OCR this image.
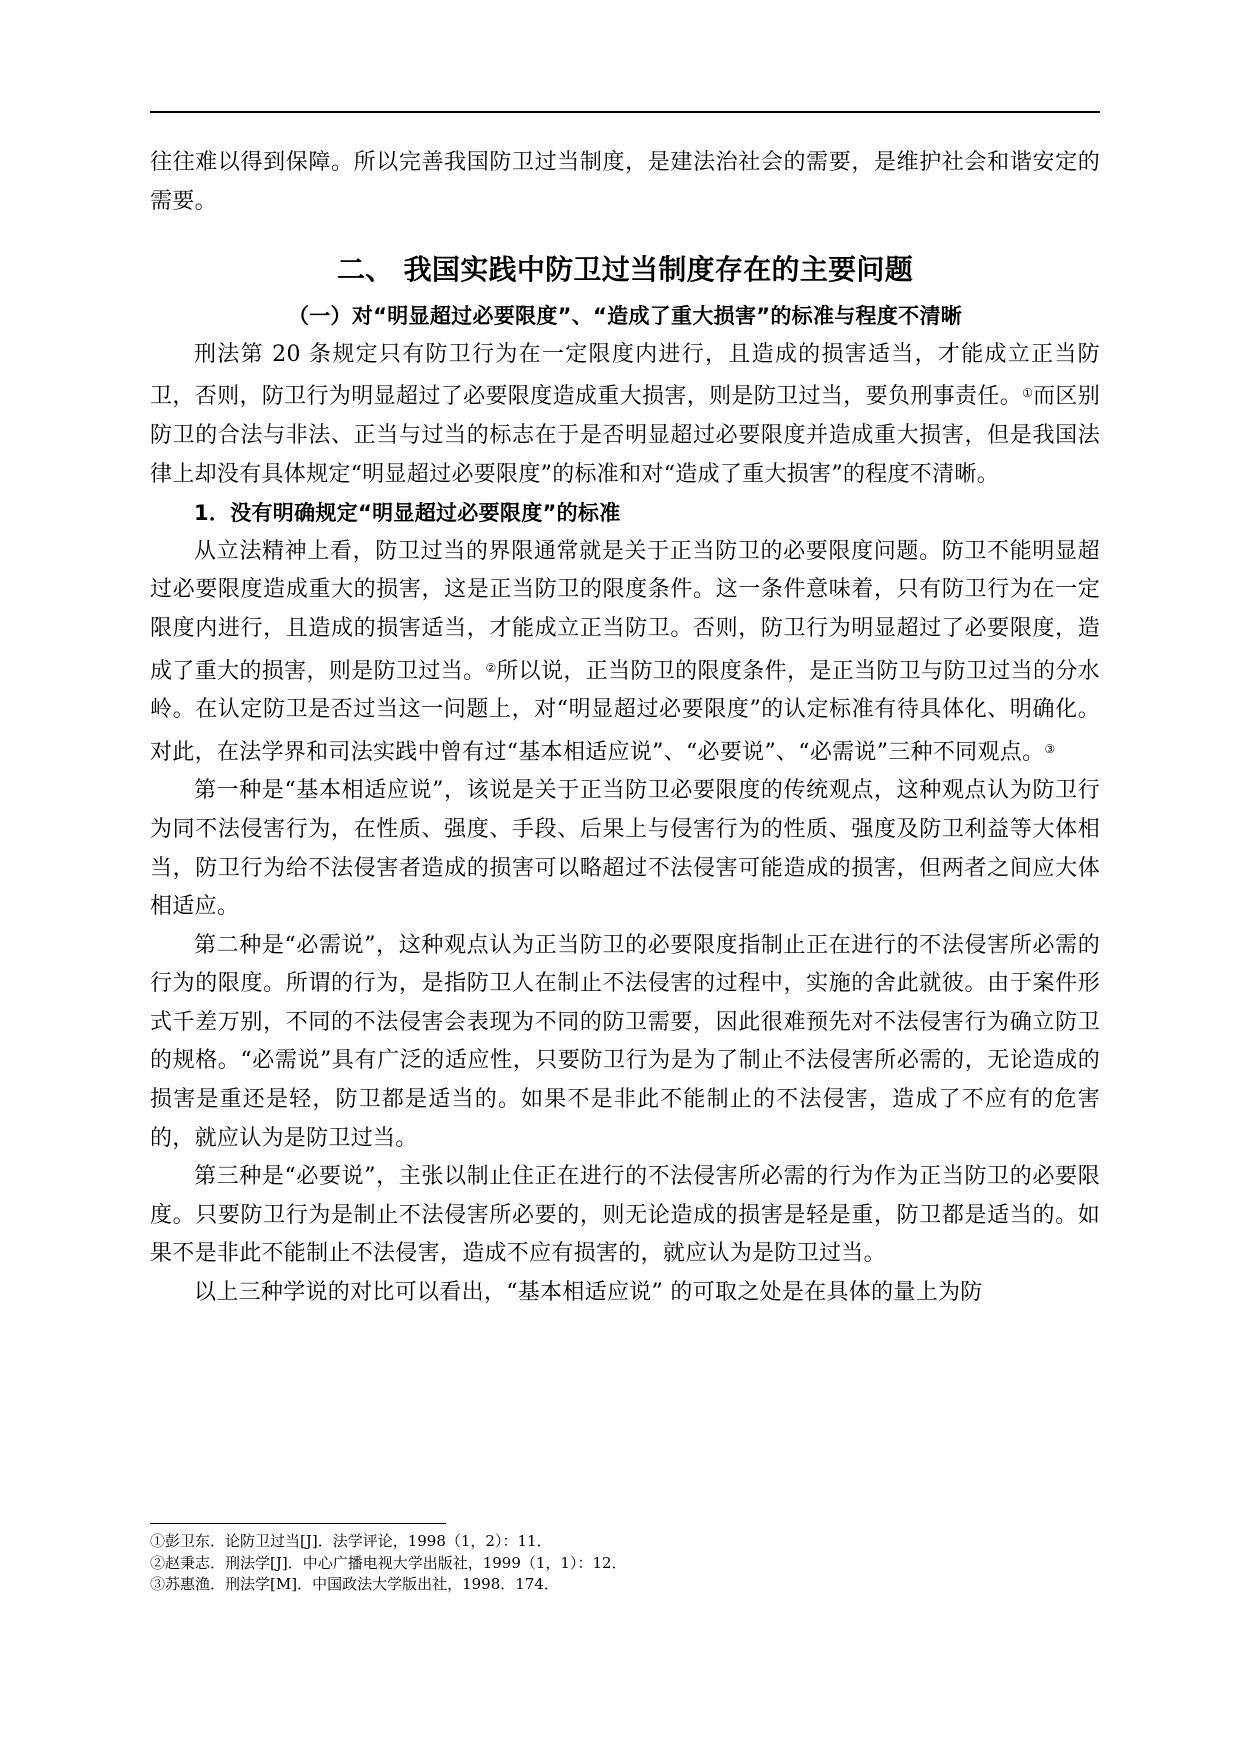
往往难以得到保障。所以完善我国防卫过当制度，是建法治社会的需要，是维护社会和谐安定的需要。

二、 我国实践中防卫过当制度存在的主要问题

（一）对“明显超过必要限度”、“造成了重大损害”的标准与程度不清晰

刑法第 20 条规定只有防卫行为在一定限度内进行，且造成的损害适当，才能成立正当防卫，否则，防卫行为明显超过了必要限度造成重大损害，则是防卫过当，要负刑事责任。①而区别防卫的合法与非法、正当与过当的标志在于是否明显超过必要限度并造成重大损害，但是我国法律上却没有具体规定“明显超过必要限度”的标准和对“造成了重大损害”的程度不清晰。

1．没有明确规定“明显超过必要限度”的标准

从立法精神上看，防卫过当的界限通常就是关于正当防卫的必要限度问题。防卫不能明显超过必要限度造成重大的损害，这是正当防卫的限度条件。这一条件意味着，只有防卫行为在一定限度内进行，且造成的损害适当，才能成立正当防卫。否则，防卫行为明显超过了必要限度，造成了重大的损害，则是防卫过当。②所以说，正当防卫的限度条件，是正当防卫与防卫过当的分水岭。在认定防卫是否过当这一问题上，对“明显超过必要限度”的认定标准有待具体化、明确化。对此，在法学界和司法实践中曾有过“基本相适应说”、“必要说”、“必需说”三种不同观点。③

第一种是“基本相适应说”，该说是关于正当防卫必要限度的传统观点，这种观点认为防卫行为同不法侵害行为，在性质、强度、手段、后果上与侵害行为的性质、强度及防卫利益等大体相当，防卫行为给不法侵害者造成的损害可以略超过不法侵害可能造成的损害，但两者之间应大体相适应。

第二种是“必需说”，这种观点认为正当防卫的必要限度指制止正在进行的不法侵害所必需的行为的限度。所谓的行为，是指防卫人在制止不法侵害的过程中，实施的舍此就彼。由于案件形式千差万别，不同的不法侵害会表现为不同的防卫需要，因此很难预先对不法侵害行为确立防卫的规格。“必需说”具有广泛的适应性，只要防卫行为是为了制止不法侵害所必需的，无论造成的损害是重还是轻，防卫都是适当的。如果不是非此不能制止的不法侵害，造成了不应有的危害的，就应认为是防卫过当。

第三种是“必要说”，主张以制止住正在进行的不法侵害所必需的行为作为正当防卫的必要限度。只要防卫行为是制止不法侵害所必要的，则无论造成的损害是轻是重，防卫都是适当的。如果不是非此不能制止不法侵害，造成不应有损害的，就应认为是防卫过当。

以上三种学说的对比可以看出，“基本相适应说” 的可取之处是在具体的量上为防

①彭卫东．论防卫过当[J]．法学评论，1998（1，2）：11．
②赵秉志．刑法学[J]．中心广播电视大学出版社，1999（1，1）：12．
③苏惠渔．刑法学[M]．中国政法大学版出社，1998．174．
